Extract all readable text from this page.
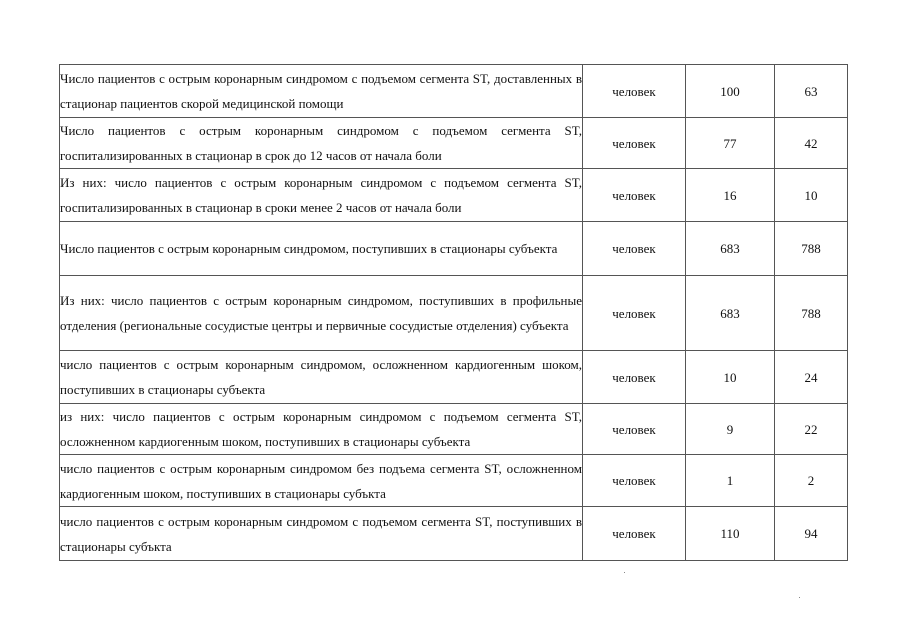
Число пациентов с острым коронарным синдромом с подъемом сегмента ST, доставленных в стационар пациентов скорой медицинской помощи	человек	100	63
Число пациентов с острым коронарным синдромом с подъемом сегмента ST, госпитализированных в стационар в срок до 12 часов от начала боли	человек	77	42
Из них: число пациентов с острым коронарным синдромом с подъемом сегмента ST, госпитализированных в стационар в сроки менее 2 часов от начала боли	человек	16	10
Число пациентов с острым коронарным синдромом, поступивших в стационары субъекта	человек	683	788
Из них: число пациентов с острым коронарным синдромом, поступивших в профильные отделения (региональные сосудистые центры и первичные сосудистые отделения) субъекта	человек	683	788
число пациентов с острым коронарным синдромом, осложненном кардиогенным шоком, поступивших в стационары субъекта	человек	10	24
из них: число пациентов с острым коронарным синдромом с подъемом сегмента ST, осложненном кардиогенным шоком, поступивших в стационары субъекта	человек	9	22
число пациентов с острым коронарным синдромом без подъема сегмента ST, осложненном кардиогенным шоком, поступивших в стационары субъкта	человек	1	2
число пациентов с острым коронарным синдромом с подъемом сегмента ST, поступивших в стационары субъкта	человек	110	94
